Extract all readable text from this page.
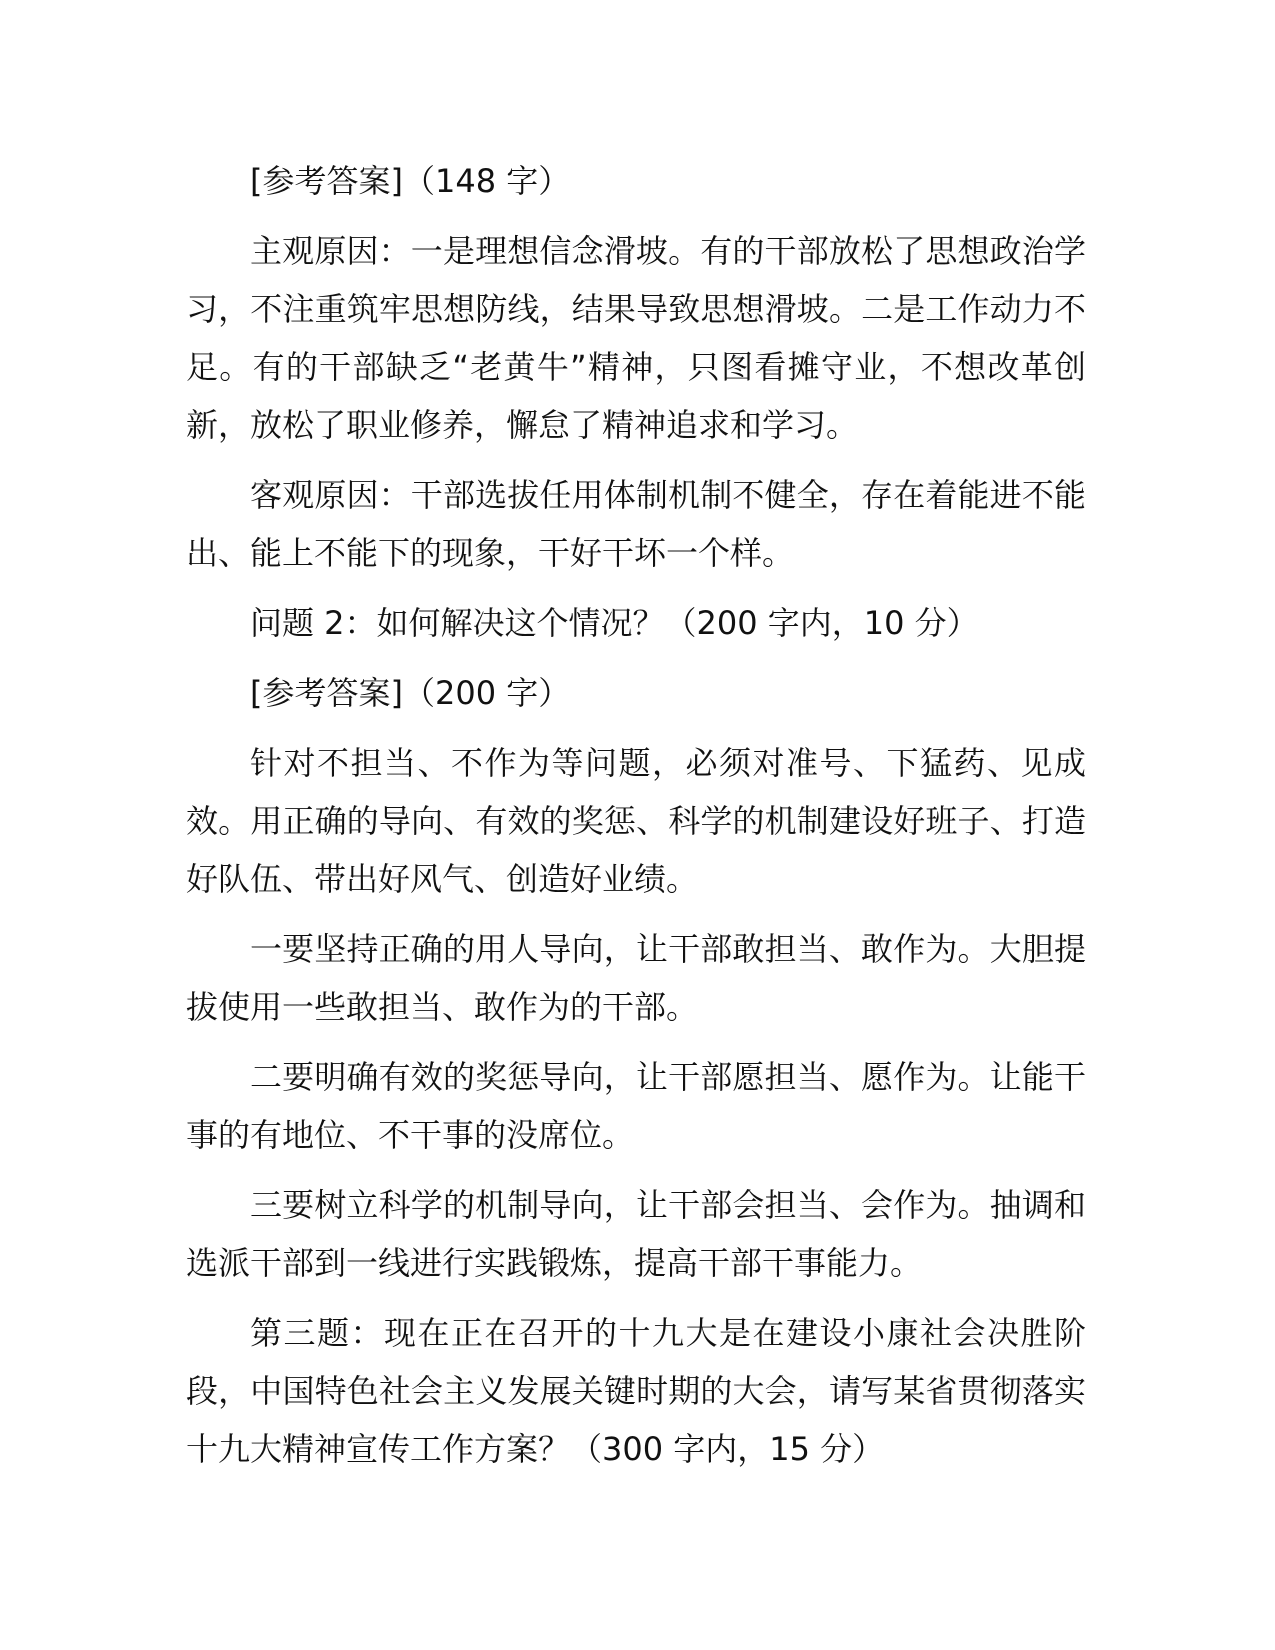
[参考答案]（148 字）

主观原因：一是理想信念滑坡。有的干部放松了思想政治学习，不注重筑牢思想防线，结果导致思想滑坡。二是工作动力不足。有的干部缺乏“老黄牛”精神，只图看摊守业，不想改革创新，放松了职业修养，懈怠了精神追求和学习。

客观原因：干部选拔任用体制机制不健全，存在着能进不能出、能上不能下的现象，干好干坏一个样。

问题 2：如何解决这个情况？（200 字内，10 分）

[参考答案]（200 字）

针对不担当、不作为等问题，必须对准号、下猛药、见成效。用正确的导向、有效的奖惩、科学的机制建设好班子、打造好队伍、带出好风气、创造好业绩。

一要坚持正确的用人导向，让干部敢担当、敢作为。大胆提拔使用一些敢担当、敢作为的干部。

二要明确有效的奖惩导向，让干部愿担当、愿作为。让能干事的有地位、不干事的没席位。

三要树立科学的机制导向，让干部会担当、会作为。抽调和选派干部到一线进行实践锻炼，提高干部干事能力。

第三题：现在正在召开的十九大是在建设小康社会决胜阶段，中国特色社会主义发展关键时期的大会，请写某省贯彻落实十九大精神宣传工作方案？（300 字内，15 分）
